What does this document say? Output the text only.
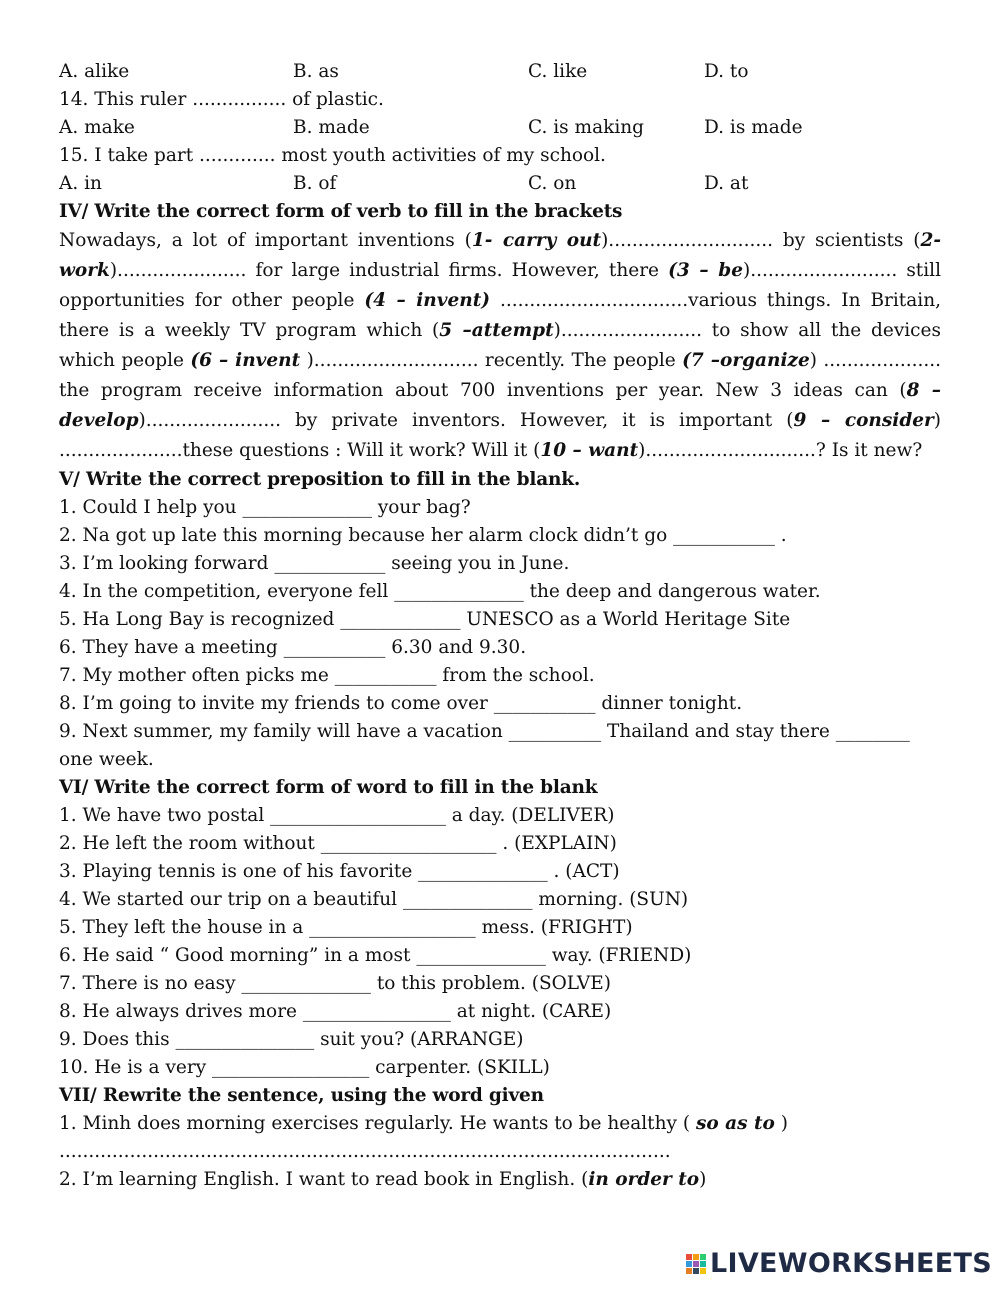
A. alike	B. as	C. like	D. to
14. This ruler ................ of plastic.
A. make	B. made	C. is making	D. is made
15. I take part ............. most youth activities of my school.
A. in	B. of	C. on	D. at
IV/ Write the correct form of verb to fill in the brackets
Nowadays, a lot of important inventions (1- carry out)............................ by scientists (2-work)...................... for large industrial firms. However, there (3 – be)......................... still opportunities for other people (4 – invent) ................................various things. In Britain, there is a weekly TV program which (5 –attempt)........................ to show all the devices which people (6 – invent )............................ recently. The people (7 –organize) .................... the program receive information about 700 inventions per year. New 3 ideas can (8 – develop)....................... by private inventors. However, it is important (9 – consider) .....................these questions : Will it work? Will it (10 – want).............................? Is it new?
V/ Write the correct preposition to fill in the blank.
1. Could I help you ______________ your bag?
2. Na got up late this morning because her alarm clock didn’t go ___________ .
3. I’m looking forward ____________ seeing you in June.
4. In the competition, everyone fell ______________ the deep and dangerous water.
5. Ha Long Bay is recognized _____________ UNESCO as a World Heritage Site
6. They have a meeting ___________ 6.30 and 9.30.
7. My mother often picks me ___________ from the school.
8. I’m going to invite my friends to come over ___________ dinner tonight.
9. Next summer, my family will have a vacation __________ Thailand and stay there ________
one week.
VI/ Write the correct form of word to fill in the blank
1. We have two postal ___________________ a day. (DELIVER)
2. He left the room without ___________________ . (EXPLAIN)
3. Playing tennis is one of his favorite ______________ . (ACT)
4. We started our trip on a beautiful ______________ morning. (SUN)
5. They left the house in a __________________ mess. (FRIGHT)
6. He said “ Good morning” in a most ______________ way. (FRIEND)
7. There is no easy ______________ to this problem. (SOLVE)
8. He always drives more ________________ at night. (CARE)
9. Does this _______________ suit you? (ARRANGE)
10. He is a very _________________ carpenter. (SKILL)
VII/ Rewrite the sentence, using the word given
1. Minh does morning exercises regularly. He wants to be healthy ( so as to )
........................................................................................................
2. I’m learning English. I want to read book in English. (in order to)
LIVEWORKSHEETS
